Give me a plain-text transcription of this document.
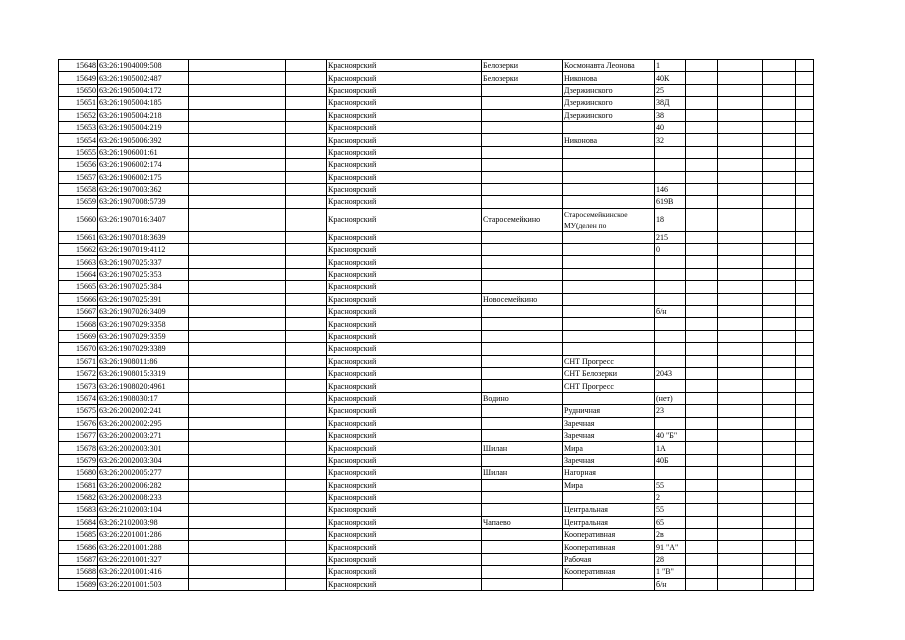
15648	63:26:1904009:508			Красноярский	Белозерки	Космонавта Леонова	1				
15649	63:26:1905002:487			Красноярский	Белозерки	Никонова	40К				
15650	63:26:1905004:172			Красноярский		Дзержинского	25				
15651	63:26:1905004:185			Красноярский		Дзержинского	38Д				
15652	63:26:1905004:218			Красноярский		Дзержинского	38				
15653	63:26:1905004:219			Красноярский			40				
15654	63:26:1905006:392			Красноярский		Никонова	32				
15655	63:26:1906001:61			Красноярский							
15656	63:26:1906002:174			Красноярский							
15657	63:26:1906002:175			Красноярский							
15658	63:26:1907003:362			Красноярский			146				
15659	63:26:1907008:5739			Красноярский			619В				
15660	63:26:1907016:3407			Красноярский	Старосемейкино	Старосемейкинское МУ(делен по	18				
15661	63:26:1907018:3639			Красноярский			215				
15662	63:26:1907019:4112			Красноярский			0				
15663	63:26:1907025:337			Красноярский							
15664	63:26:1907025:353			Красноярский							
15665	63:26:1907025:384			Красноярский							
15666	63:26:1907025:391			Красноярский	Новосемейкино						
15667	63:26:1907026:3409			Красноярский			б/н				
15668	63:26:1907029:3358			Красноярский							
15669	63:26:1907029:3359			Красноярский							
15670	63:26:1907029:3389			Красноярский							
15671	63:26:1908011:86			Красноярский		СНТ Прогресс					
15672	63:26:1908015:3319			Красноярский		СНТ Белозерки	2043				
15673	63:26:1908020:4961			Красноярский		СНТ Прогресс					
15674	63:26:1908030:17			Красноярский	Водино		(нет)				
15675	63:26:2002002:241			Красноярский		Рудничная	23				
15676	63:26:2002002:295			Красноярский		Заречная					
15677	63:26:2002003:271			Красноярский		Заречная	40 "Б"				
15678	63:26:2002003:301			Красноярский	Шилан	Мира	1А				
15679	63:26:2002003:304			Красноярский		Заречная	40Б				
15680	63:26:2002005:277			Красноярский	Шилан	Нагорная					
15681	63:26:2002006:282			Красноярский		Мира	55				
15682	63:26:2002008:233			Красноярский			2				
15683	63:26:2102003:104			Красноярский		Центральная	55				
15684	63:26:2102003:98			Красноярский	Чапаево	Центральная	65				
15685	63:26:2201001:286			Красноярский		Кооперативная	2в				
15686	63:26:2201001:288			Красноярский		Кооперативная	91 "А"				
15687	63:26:2201001:327			Красноярский		Рабочая	28				
15688	63:26:2201001:416			Красноярский		Кооперативная	1 "В"				
15689	63:26:2201001:503			Красноярский			б/н				
